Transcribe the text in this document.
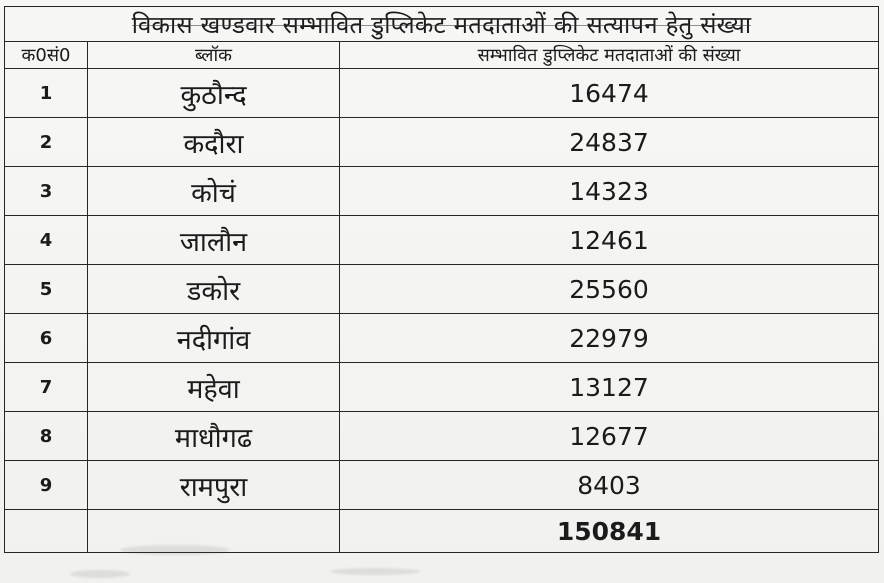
विकास खण्डवार सम्भावित डुप्लिकेट मतदाताओं की सत्यापन हेतु संख्या		
क0सं0	ब्लॉक	सम्भावित डुप्लिकेट मतदाताओं की संख्या
1	कुठौन्द	16474
2	कदौरा	24837
3	कोचं	14323
4	जालौन	12461
5	डकोर	25560
6	नदीगांव	22979
7	महेवा	13127
8	माधौगढ	12677
9	रामपुरा	8403
		150841
